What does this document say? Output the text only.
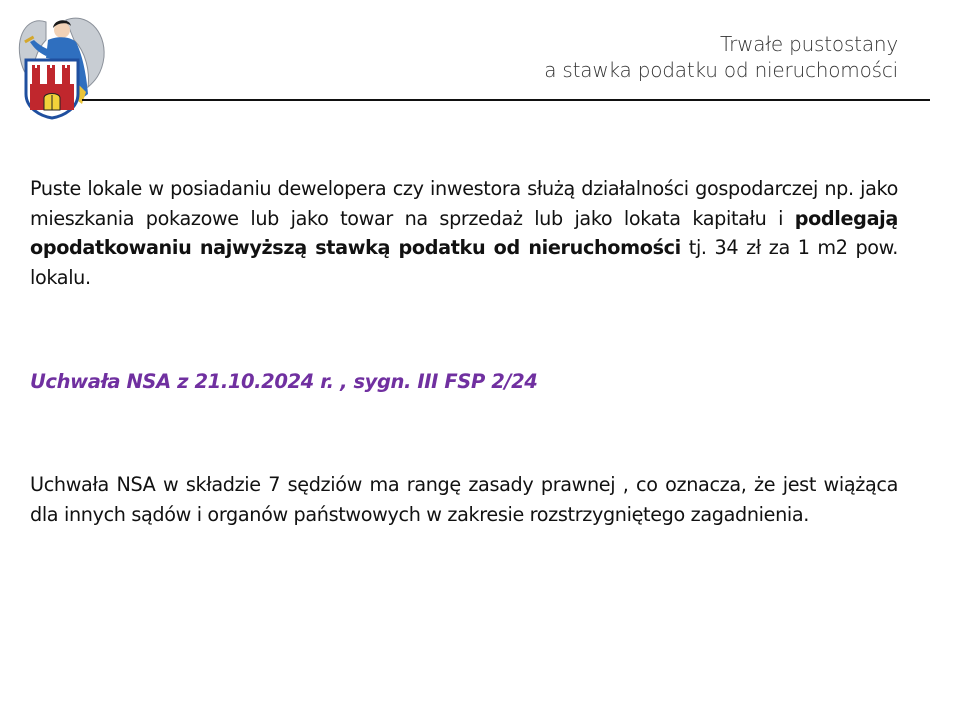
Trwałe pustostany
a stawka podatku od nieruchomości

Puste lokale w posiadaniu dewelopera czy inwestora służą działalności gospodarczej np. jako mieszkania pokazowe lub jako towar na sprzedaż lub jako lokata kapitału i podlegają opodatkowaniu najwyższą stawką podatku od nieruchomości tj. 34 zł za 1 m2 pow. lokalu.

Uchwała NSA z 21.10.2024 r. , sygn. III FSP 2/24

Uchwała NSA w składzie 7 sędziów ma rangę zasady prawnej , co oznacza, że jest wiążąca dla innych sądów i organów państwowych w zakresie rozstrzygniętego zagadnienia.
